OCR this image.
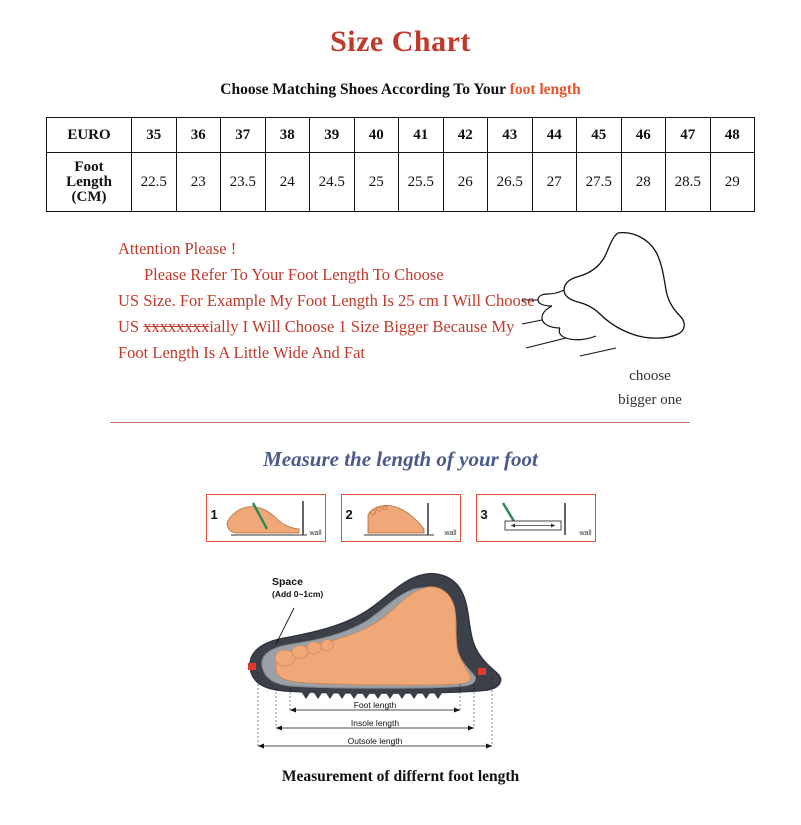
Size Chart
Choose Matching Shoes According To Your foot length
EURO	35	36	37	38	39	40	41	42	43	44	45	46	47	48

Foot
Length
(CM)	22.5	23	23.5	24	24.5	25	25.5	26	26.5	27	27.5	28	28.5	29
Attention Please !
Please Refer To Your Foot Length To Choose
US Size. For Example My Foot Length Is 25 cm I Will Choose US xxxxxxxxially I Will Choose 1 Size Bigger Because My Foot Length Is A Little Wide And Fat
choose
bigger one
Measure the length of your foot
1
wall
2
wall
3
wall
Space
(Add 0~1cm)
Foot length
Insole length
Outsole length
Measurement of differnt foot length
